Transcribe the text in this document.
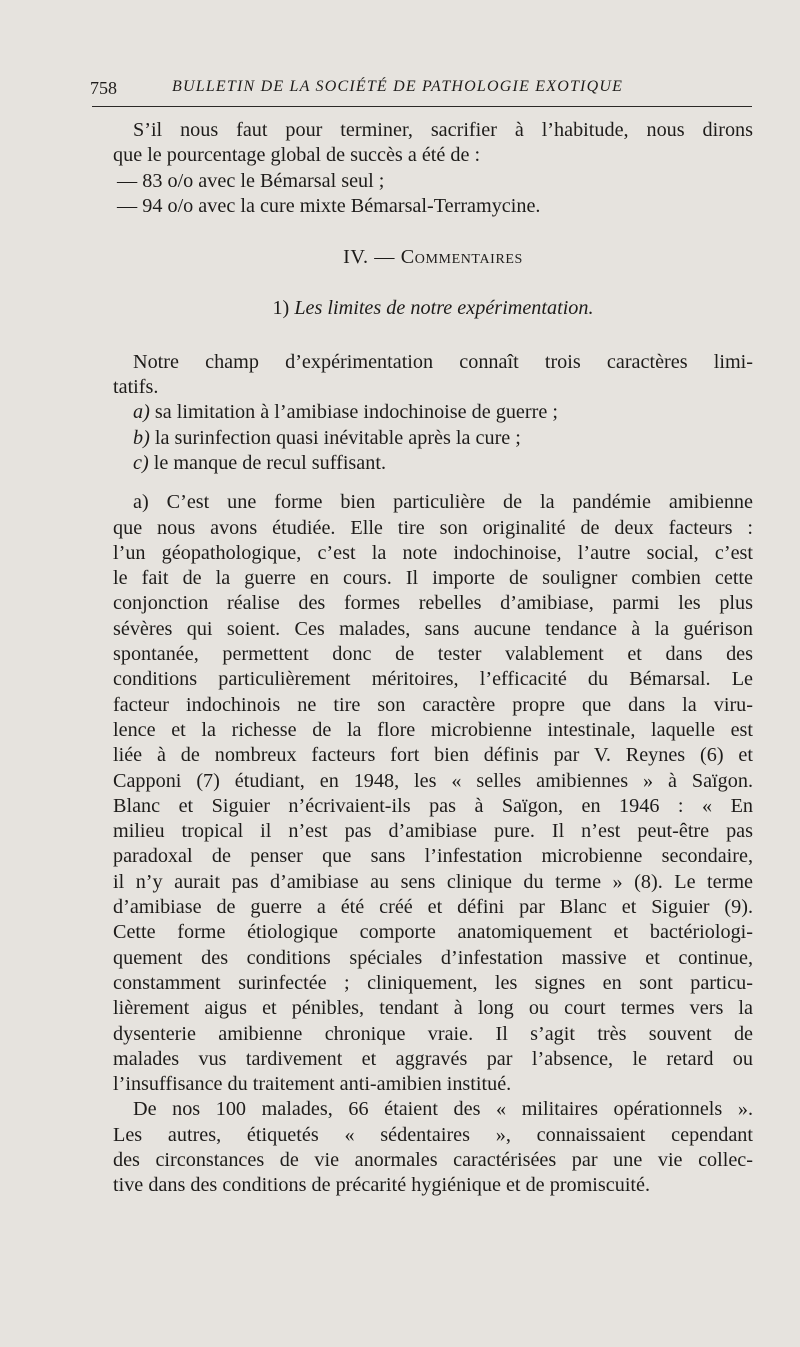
758	BULLETIN DE LA SOCIÉTÉ DE PATHOLOGIE EXOTIQUE
S’il nous faut pour terminer, sacrifier à l’habitude, nous dirons
que le pourcentage global de succès a été de :
— 83 o/o avec le Bémarsal seul ;
— 94 o/o avec la cure mixte Bémarsal-Terramycine.
IV. — Commentaires
1) Les limites de notre expérimentation.
Notre champ d’expérimentation connaît trois caractères limi-
tatifs.
a) sa limitation à l’amibiase indochinoise de guerre ;
b) la surinfection quasi inévitable après la cure ;
c) le manque de recul suffisant.
a) C’est une forme bien particulière de la pandémie amibienne
que nous avons étudiée. Elle tire son originalité de deux facteurs :
l’un géopathologique, c’est la note indochinoise, l’autre social, c’est
le fait de la guerre en cours. Il importe de souligner combien cette
conjonction réalise des formes rebelles d’amibiase, parmi les plus
sévères qui soient. Ces malades, sans aucune tendance à la guérison
spontanée, permettent donc de tester valablement et dans des
conditions particulièrement méritoires, l’efficacité du Bémarsal. Le
facteur indochinois ne tire son caractère propre que dans la viru-
lence et la richesse de la flore microbienne intestinale, laquelle est
liée à de nombreux facteurs fort bien définis par V. Reynes (6) et
Capponi (7) étudiant, en 1948, les « selles amibiennes » à Saïgon.
Blanc et Siguier n’écrivaient-ils pas à Saïgon, en 1946 : « En
milieu tropical il n’est pas d’amibiase pure. Il n’est peut-être pas
paradoxal de penser que sans l’infestation microbienne secondaire,
il n’y aurait pas d’amibiase au sens clinique du terme » (8). Le terme
d’amibiase de guerre a été créé et défini par Blanc et Siguier (9).
Cette forme étiologique comporte anatomiquement et bactériologi-
quement des conditions spéciales d’infestation massive et continue,
constamment surinfectée ; cliniquement, les signes en sont particu-
lièrement aigus et pénibles, tendant à long ou court termes vers la
dysenterie amibienne chronique vraie. Il s’agit très souvent de
malades vus tardivement et aggravés par l’absence, le retard ou
l’insuffisance du traitement anti-amibien institué.
De nos 100 malades, 66 étaient des « militaires opérationnels ».
Les autres, étiquetés « sédentaires », connaissaient cependant
des circonstances de vie anormales caractérisées par une vie collec-
tive dans des conditions de précarité hygiénique et de promiscuité.
